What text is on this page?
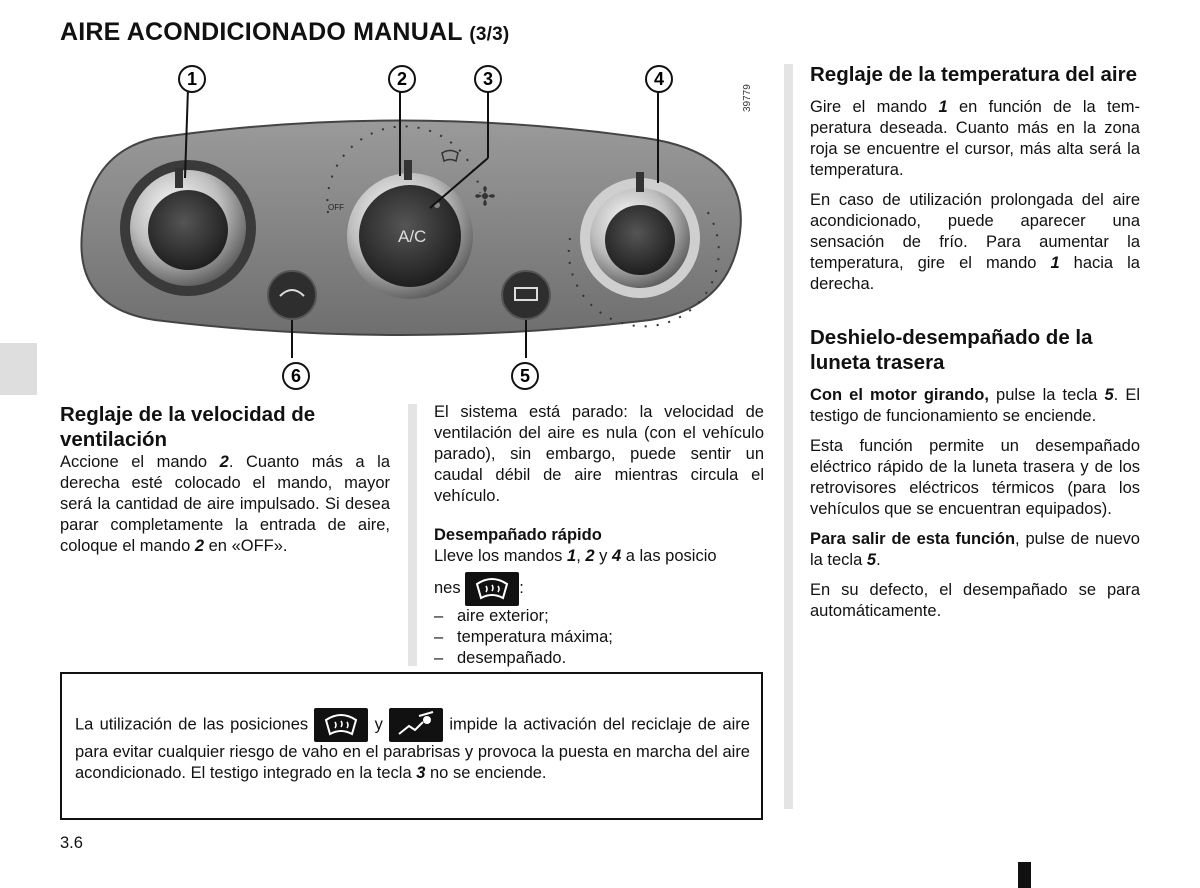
AIRE ACONDICIONADO MANUAL (3/3)
A/C
OFF
1	2	3	4
6	5
39779
Reglaje de la velocidad de ventilación

Accione el mando 2. Cuanto más a la derecha esté colocado el mando, mayor será la cantidad de aire impulsado. Si desea parar completamente la entrada de aire, coloque el mando 2 en «OFF».

El sistema está parado: la velocidad de ventilación del aire es nula (con el vehículo parado), sin embargo, puede sentir un caudal débil de aire mientras circula el vehículo.

Desempañado rápido

Lleve los mandos 1, 2 y 4 a las posicio

nes	:
– aire exterior;
– temperatura máxima;
– desempañado.
Reglaje de la temperatura del aire

Gire el mando 1 en función de la temperatura deseada. Cuanto más en la zona roja se encuentre el cursor, más alta será la temperatura.

En caso de utilización prolongada del aire acondicionado, puede aparecer una sensación de frío. Para aumentar la temperatura, gire el mando 1 hacia la derecha.

Deshielo-desempañado de la luneta trasera

Con el motor girando, pulse la tecla 5. El testigo de funcionamiento se enciende.

Esta función permite un desempañado eléctrico rápido de la luneta trasera y de los retrovisores eléctricos térmicos (para los vehículos que se encuentran equipados).

Para salir de esta función, pulse de nuevo la tecla 5.

En su defecto, el desempañado se para automáticamente.

La utilización de las posiciones	y	impide la activación del reciclaje de aire para evitar cualquier riesgo de vaho en el parabrisas y provoca la puesta en marcha del aire acondicionado. El testigo integrado en la tecla 3 no se enciende.
3.6
